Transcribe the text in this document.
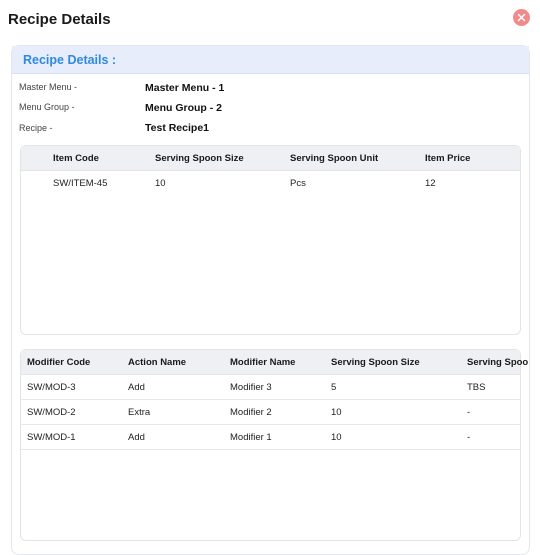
Recipe Details
Recipe Details :
Master Menu -	Master Menu - 1
Menu Group -	Menu Group - 2
Recipe -	Test Recipe1
Item Code	Serving Spoon Size	Serving Spoon Unit	Item Price
SW/ITEM-45	10	Pcs	12
Modifier Code	Action Name	Modifier Name	Serving Spoon Size	Serving Spoo
SW/MOD-3	Add	Modifier 3	5	TBS
SW/MOD-2	Extra	Modifier 2	10	-
SW/MOD-1	Add	Modifier 1	10	-
